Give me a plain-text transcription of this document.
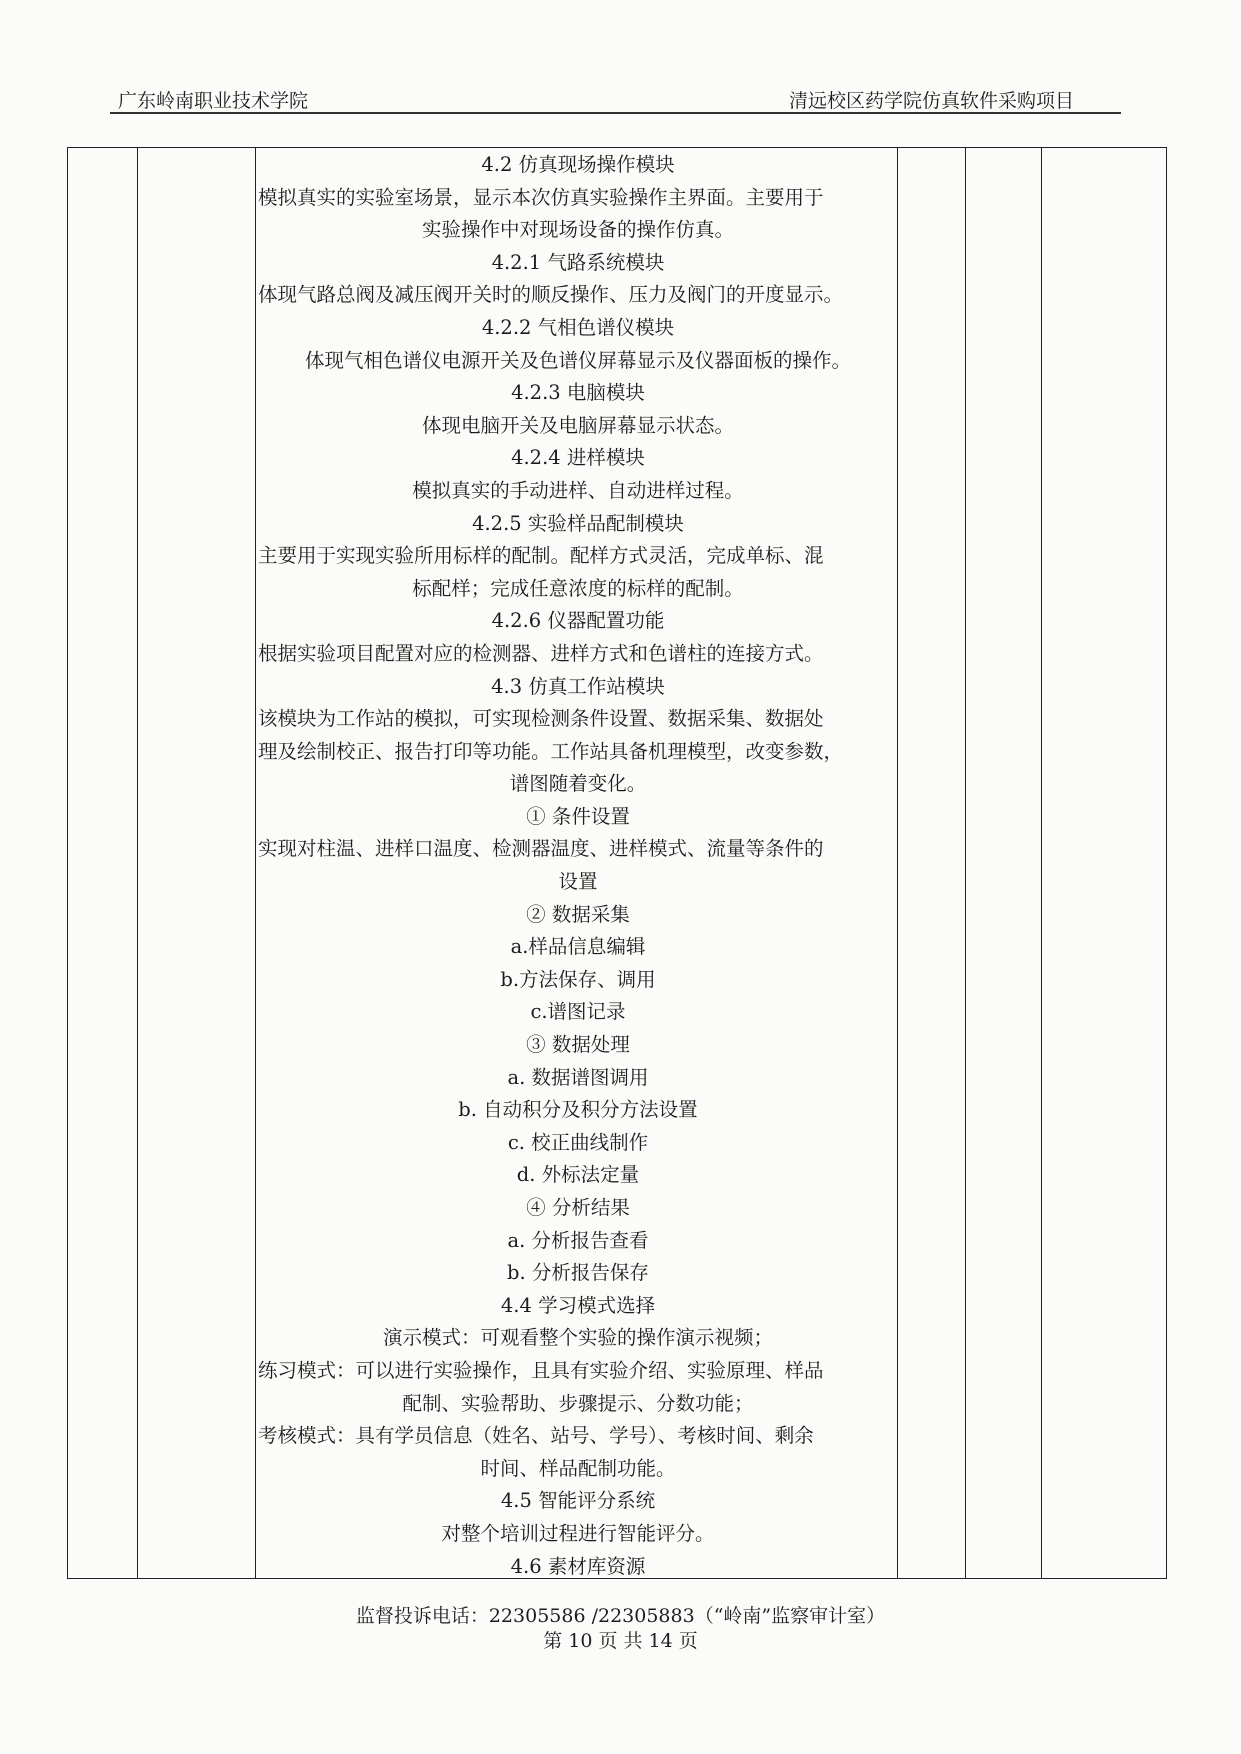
广东岭南职业技术学院	清远校区药学院仿真软件采购项目

4.2 仿真现场操作模块

模拟真实的实验室场景，显示本次仿真实验操作主界面。主要用于

实验操作中对现场设备的操作仿真。

4.2.1 气路系统模块

体现气路总阀及减压阀开关时的顺反操作、压力及阀门的开度显示。

4.2.2 气相色谱仪模块

体现气相色谱仪电源开关及色谱仪屏幕显示及仪器面板的操作。

4.2.3 电脑模块

体现电脑开关及电脑屏幕显示状态。

4.2.4 进样模块

模拟真实的手动进样、自动进样过程。

4.2.5 实验样品配制模块

主要用于实现实验所用标样的配制。配样方式灵活，完成单标、混

标配样；完成任意浓度的标样的配制。

4.2.6 仪器配置功能

根据实验项目配置对应的检测器、进样方式和色谱柱的连接方式。

4.3 仿真工作站模块

该模块为工作站的模拟，可实现检测条件设置、数据采集、数据处

理及绘制校正、报告打印等功能。工作站具备机理模型，改变参数，

谱图随着变化。

① 条件设置

实现对柱温、进样口温度、检测器温度、进样模式、流量等条件的

设置

② 数据采集

a.样品信息编辑

b.方法保存、调用

c.谱图记录

③ 数据处理

a. 数据谱图调用

b. 自动积分及积分方法设置

c. 校正曲线制作

d. 外标法定量

④ 分析结果

a. 分析报告查看

b. 分析报告保存

4.4 学习模式选择

演示模式：可观看整个实验的操作演示视频；

练习模式：可以进行实验操作，且具有实验介绍、实验原理、样品

配制、实验帮助、步骤提示、分数功能；

考核模式：具有学员信息（姓名、站号、学号）、考核时间、剩余

时间、样品配制功能。

4.5 智能评分系统

对整个培训过程进行智能评分。

4.6 素材库资源

监督投诉电话：22305586 /22305883（“岭南”监察审计室）
第 10 页 共 14 页
